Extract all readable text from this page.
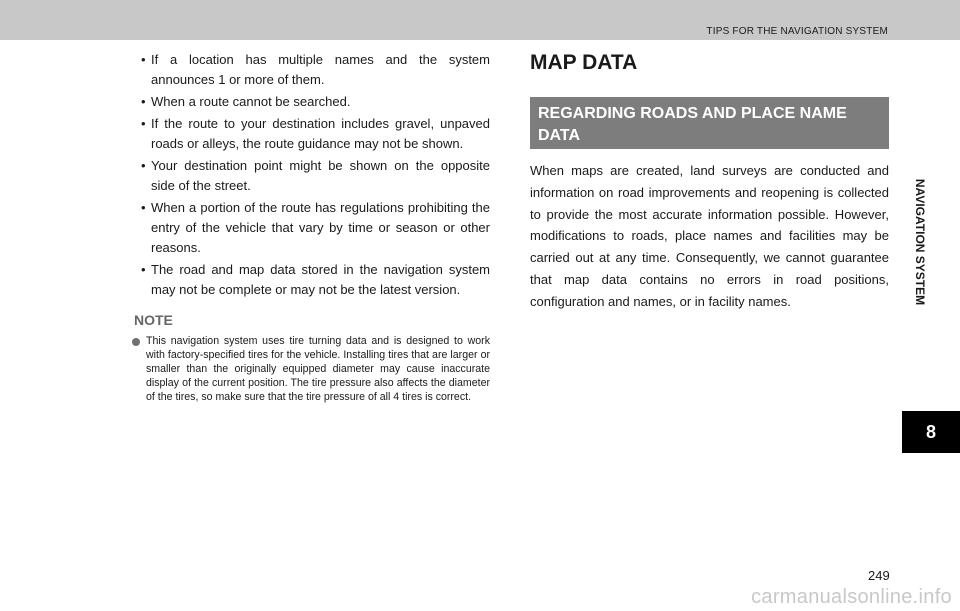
TIPS FOR THE NAVIGATION SYSTEM
NAVIGATION SYSTEM
8
• If a location has multiple names and the system announces 1 or more of them.
• When a route cannot be searched.
• If the route to your destination includes gravel, unpaved roads or alleys, the route guidance may not be shown.
• Your destination point might be shown on the opposite side of the street.
• When a portion of the route has regulations prohibiting the entry of the vehicle that vary by time or season or other reasons.
• The road and map data stored in the navigation system may not be complete or may not be the latest version.
NOTE
This navigation system uses tire turning data and is designed to work with factory-specified tires for the vehicle. Installing tires that are larger or smaller than the originally equipped diameter may cause inaccurate display of the current position. The tire pressure also affects the diameter of the tires, so make sure that the tire pressure of all 4 tires is correct.
MAP DATA
REGARDING ROADS AND PLACE NAME DATA
When maps are created, land surveys are conducted and information on road improvements and reopening is collected to provide the most accurate information possible. However, modifications to roads, place names and facilities may be carried out at any time. Consequently, we cannot guarantee that map data contains no errors in road positions, configuration and names, or in facility names.
249
carmanualsonline.info
